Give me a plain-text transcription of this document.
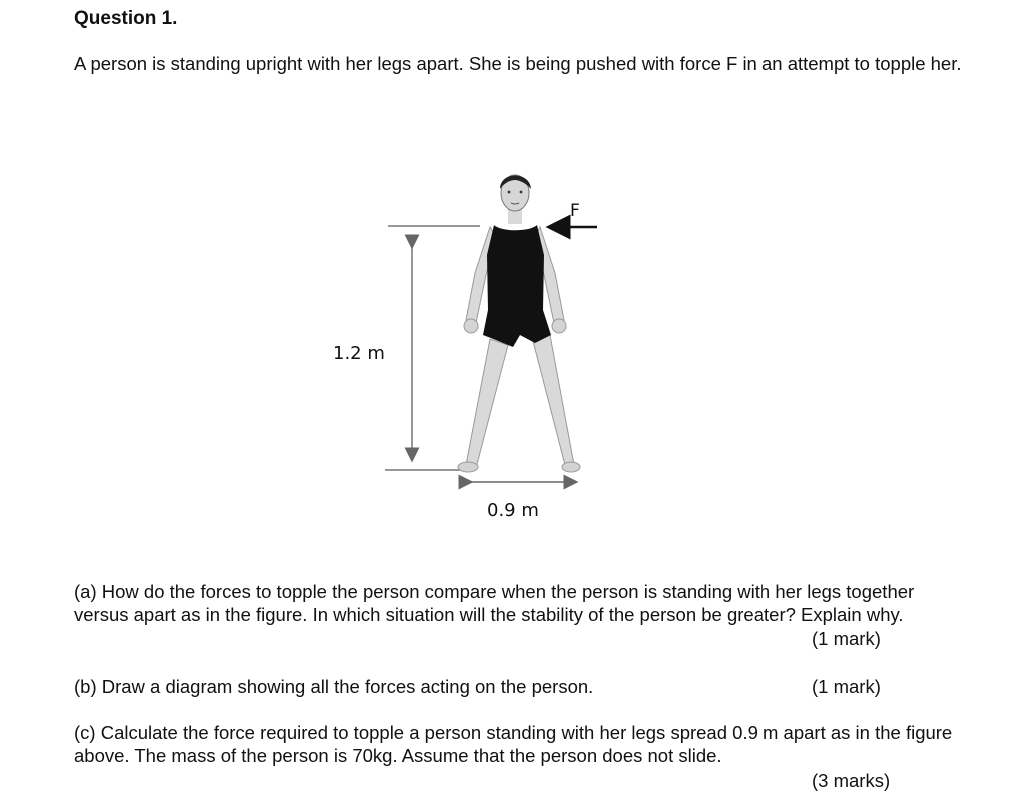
Question 1.

A person is standing upright with her legs apart. She is being pushed with force F in an attempt to topple her.

1.2 m
0.9 m
F

(a) How do the forces to topple the person compare when the person is standing with her legs together versus apart as in the figure. In which situation will the stability of the person be greater? Explain why.

(1 mark)

(b) Draw a diagram showing all the forces acting on the person.	(1 mark)

(c) Calculate the force required to topple a person standing with her legs spread 0.9 m apart as in the figure above. The mass of the person is 70kg. Assume that the person does not slide.

(3 marks)
